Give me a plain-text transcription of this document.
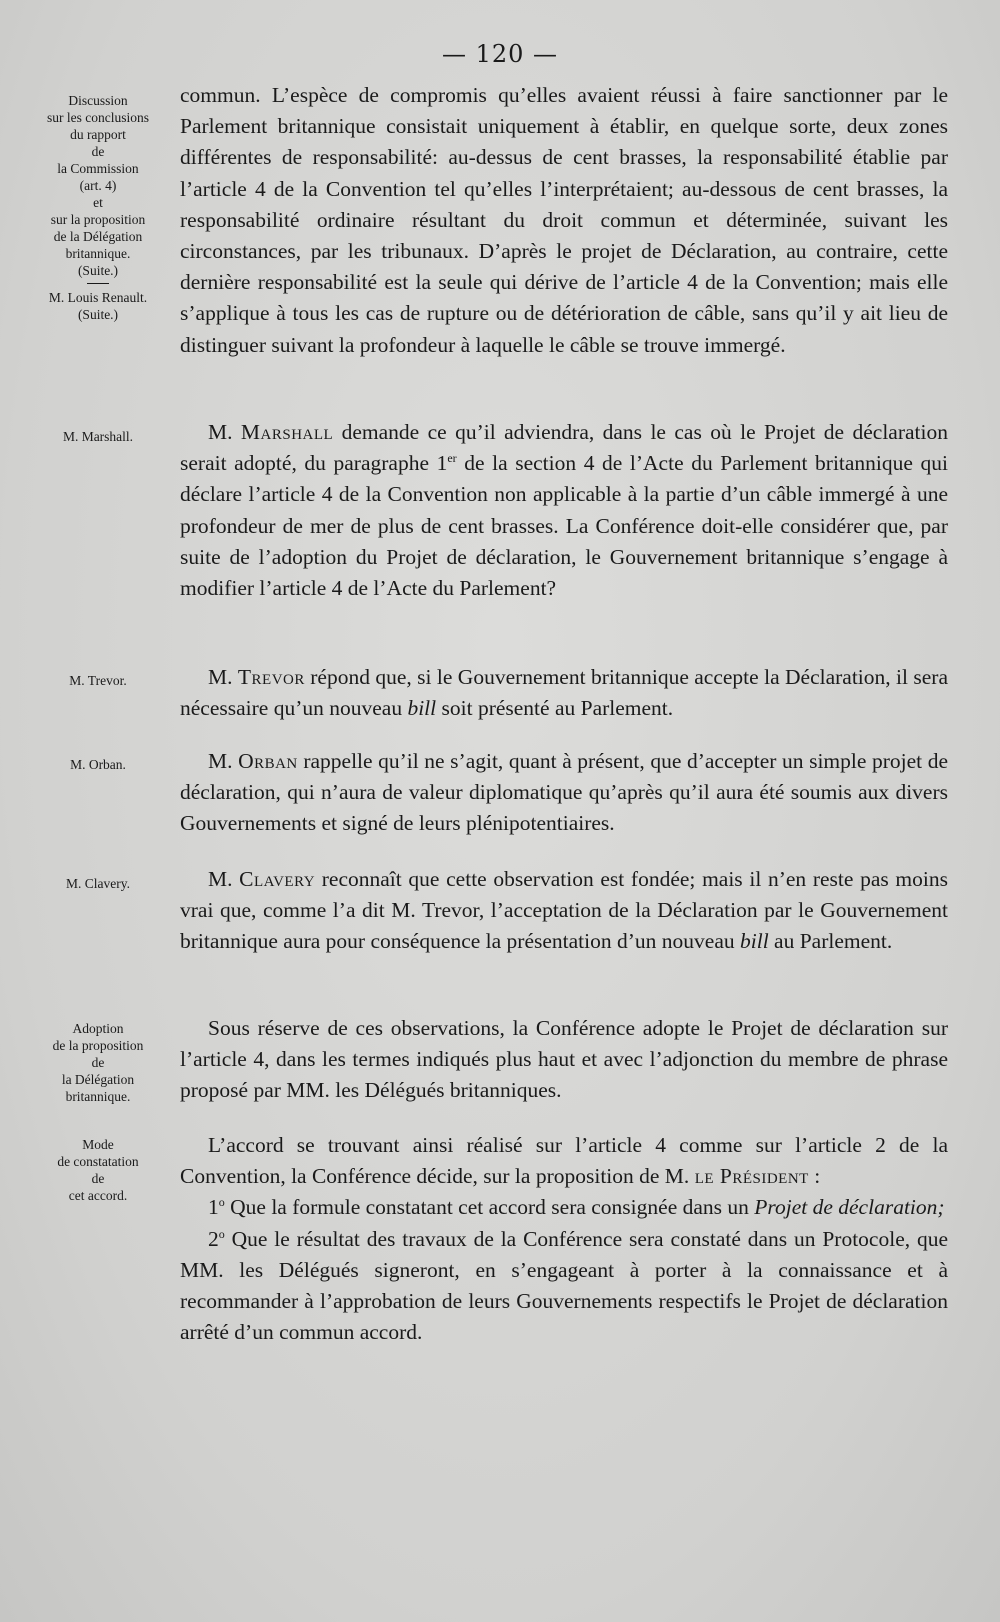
— 120 —
Discussion
sur les conclusions
du rapport
de
la Commission
(art. 4)
et
sur la proposition
de la Délégation
britannique.
(Suite.)
M. Louis Renault.
(Suite.)
M. Marshall.
M. Trevor.
M. Orban.
M. Clavery.
Adoption
de la proposition
de
la Délégation
britannique.
Mode
de constatation
de
cet accord.

commun. L’espèce de compromis qu’elles avaient réussi à faire sanctionner par le Parlement britannique consistait uniquement à établir, en quelque sorte, deux zones différentes de responsabilité: au-dessus de cent brasses, la responsabilité établie par l’article 4 de la Convention tel qu’elles l’interprétaient; au-dessous de cent brasses, la responsabilité ordinaire résultant du droit commun et déterminée, suivant les circonstances, par les tribunaux. D’après le projet de Déclaration, au contraire, cette dernière responsabilité est la seule qui dérive de l’article 4 de la Convention; mais elle s’applique à tous les cas de rupture ou de détérioration de câble, sans qu’il y ait lieu de distinguer suivant la profondeur à laquelle le câble se trouve immergé.

M. Marshall demande ce qu’il adviendra, dans le cas où le Projet de déclaration serait adopté, du paragraphe 1er de la section 4 de l’Acte du Parlement britannique qui déclare l’article 4 de la Convention non applicable à la partie d’un câble immergé à une profondeur de mer de plus de cent brasses. La Conférence doit-elle considérer que, par suite de l’adoption du Projet de déclaration, le Gouvernement britannique s’engage à modifier l’article 4 de l’Acte du Parlement?

M. Trevor répond que, si le Gouvernement britannique accepte la Déclaration, il sera nécessaire qu’un nouveau bill soit présenté au Parlement.

M. Orban rappelle qu’il ne s’agit, quant à présent, que d’accepter un simple projet de déclaration, qui n’aura de valeur diplomatique qu’après qu’il aura été soumis aux divers Gouvernements et signé de leurs plénipotentiaires.

M. Clavery reconnaît que cette observation est fondée; mais il n’en reste pas moins vrai que, comme l’a dit M. Trevor, l’acceptation de la Déclaration par le Gouvernement britannique aura pour conséquence la présentation d’un nouveau bill au Parlement.

Sous réserve de ces observations, la Conférence adopte le Projet de déclaration sur l’article 4, dans les termes indiqués plus haut et avec l’adjonction du membre de phrase proposé par MM. les Délégués britanniques.

L’accord se trouvant ainsi réalisé sur l’article 4 comme sur l’article 2 de la Convention, la Conférence décide, sur la proposition de M. le Président :

1$^o$ Que la formule constatant cet accord sera consignée dans un Projet de déclaration;

2$^o$ Que le résultat des travaux de la Conférence sera constaté dans un Protocole, que MM. les Délégués signeront, en s’engageant à porter à la connaissance et à recommander à l’approbation de leurs Gouvernements respectifs le Projet de déclaration arrêté d’un commun accord.
